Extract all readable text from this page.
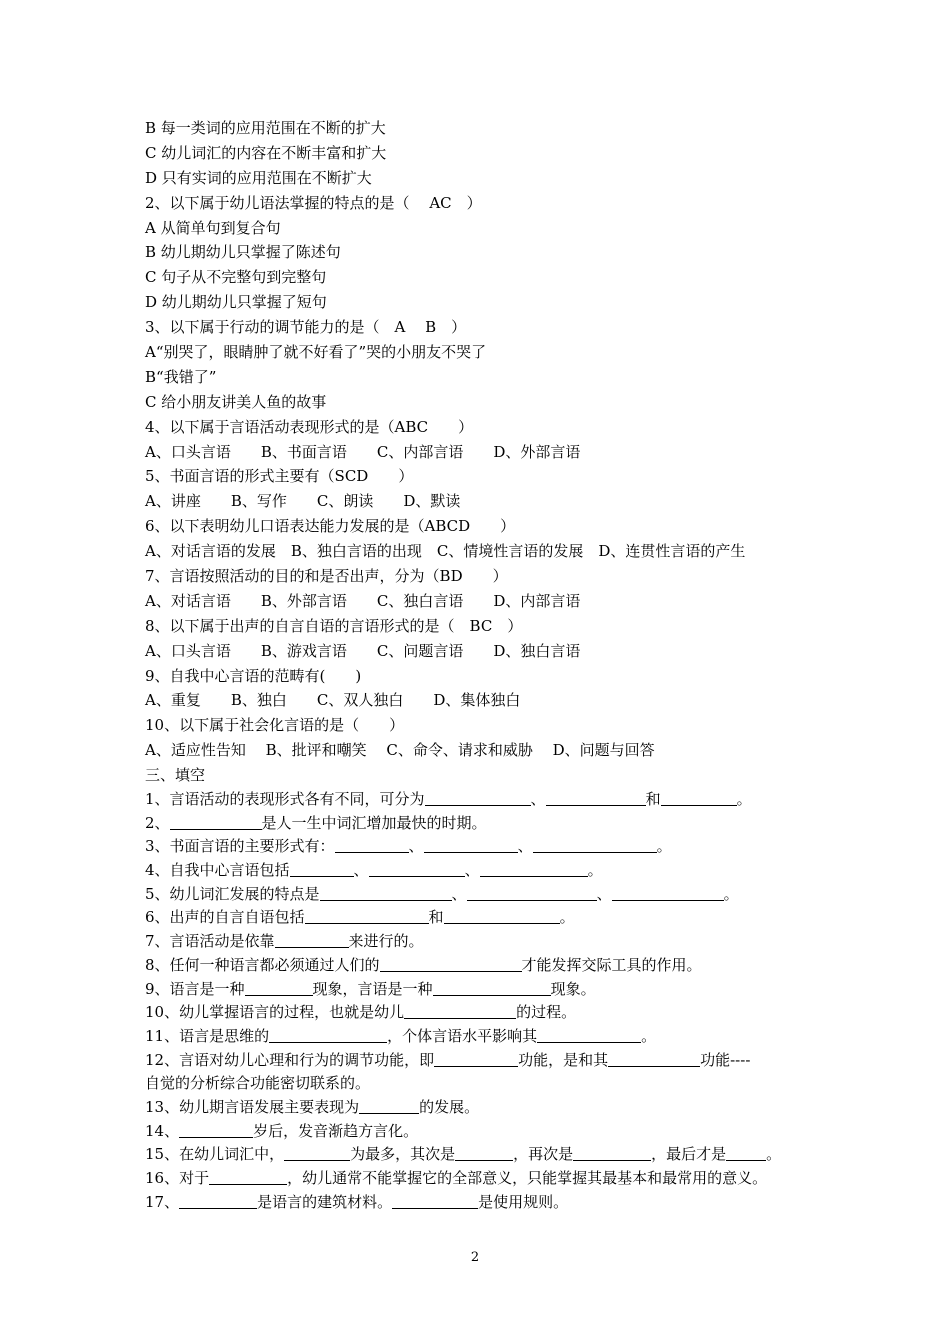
B 每一类词的应用范围在不断的扩大
C 幼儿词汇的内容在不断丰富和扩大
D 只有实词的应用范围在不断扩大
2、以下属于幼儿语法掌握的特点的是（　 AC　）
A 从简单句到复合句
B 幼儿期幼儿只掌握了陈述句
C 句子从不完整句到完整句
D 幼儿期幼儿只掌握了短句
3、以下属于行动的调节能力的是（　A　 B　）
A“别哭了，眼睛肿了就不好看了”哭的小朋友不哭了
B“我错了”
C 给小朋友讲美人鱼的故事
4、以下属于言语活动表现形式的是（ABC　　）
A、口头言语　　B、书面言语　　C、内部言语　　D、外部言语
5、书面言语的形式主要有（SCD　　）
A、讲座　　B、写作　　C、朗读　　D、默读
6、以下表明幼儿口语表达能力发展的是（ABCD　　）
A、对话言语的发展　B、独白言语的出现　C、情境性言语的发展　D、连贯性言语的产生
7、言语按照活动的目的和是否出声，分为（BD　　）
A、对话言语　　B、外部言语　　C、独白言语　　D、内部言语
8、以下属于出声的自言自语的言语形式的是（　BC　）
A、口头言语　　B、游戏言语　　C、问题言语　　D、独白言语
9、自我中心言语的范畴有(　　)
A、重复　　B、独白　　C、双人独白　　D、集体独白
10、以下属于社会化言语的是（　　）
A、适应性告知　 B、批评和嘲笑　 C、命令、请求和威胁　 D、问题与回答
三、填空
1、言语活动的表现形式各有不同，可分为	、	和	。
2、	是人一生中词汇增加最快的时期。
3、书面言语的主要形式有：	、	、	。
4、自我中心言语包括	、	、	。
5、幼儿词汇发展的特点是	、	、	。
6、出声的自言自语包括	和	。
7、言语活动是依靠	来进行的。
8、任何一种语言都必须通过人们的	才能发挥交际工具的作用。
9、语言是一种	现象，言语是一种	现象。
10、幼儿掌握语言的过程，也就是幼儿	的过程。
11、语言是思维的	，个体言语水平影响其	。
12、言语对幼儿心理和行为的调节功能，即	功能，是和其	功能----
自觉的分析综合功能密切联系的。
13、幼儿期言语发展主要表现为	的发展。
14、	岁后，发音渐趋方言化。
15、在幼儿词汇中，	为最多，其次是	，再次是	，最后才是	。
16、对于	，幼儿通常不能掌握它的全部意义，只能掌握其最基本和最常用的意义。
17、	是语言的建筑材料。	是使用规则。
2
